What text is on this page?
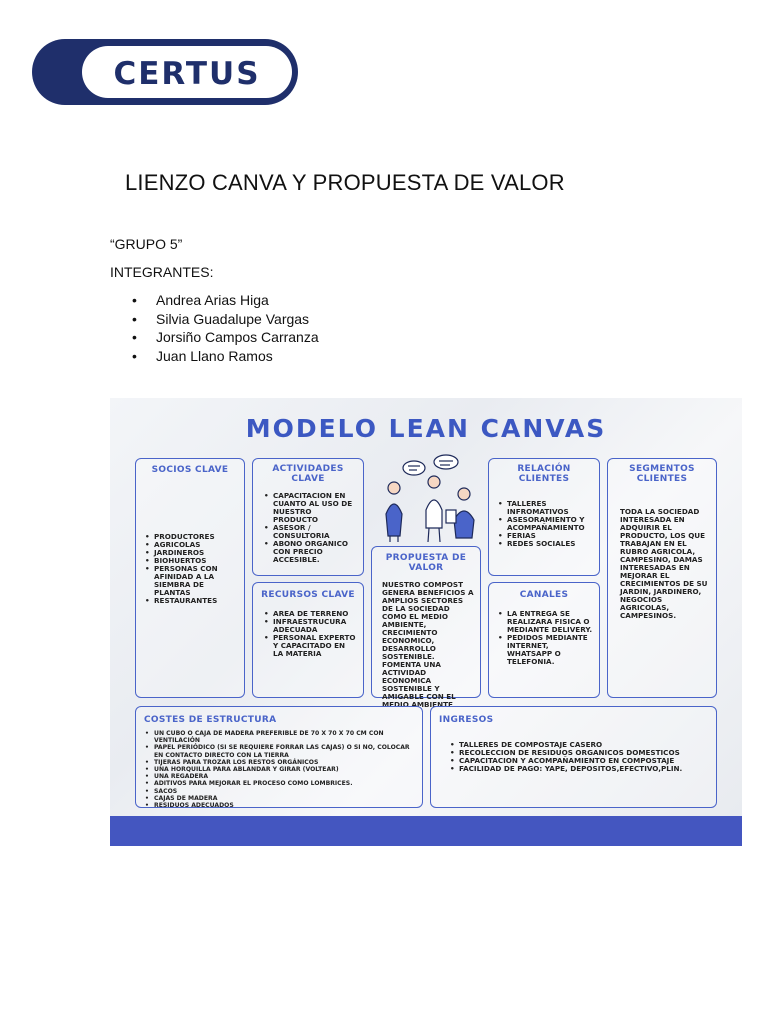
CERTUS
LIENZO CANVA Y PROPUESTA DE VALOR
“GRUPO 5”
INTEGRANTES:
• Andrea Arias Higa
• Silvia Guadalupe Vargas
• Jorsiño Campos Carranza
• Juan Llano Ramos
MODELO LEAN CANVAS
SOCIOS CLAVE
• PRODUCTORES
• AGRICOLAS
• JARDINEROS
• BIOHUERTOS
• PERSONAS CON AFINIDAD A LA SIEMBRA DE PLANTAS
• RESTAURANTES
ACTIVIDADES CLAVE
• CAPACITACION EN CUANTO AL USO DE NUESTRO PRODUCTO
• ASESOR / CONSULTORIA
• ABONO ORGANICO CON PRECIO ACCESIBLE.
RECURSOS CLAVE
• AREA DE TERRENO
• INFRAESTRUCURA ADECUADA
• PERSONAL EXPERTO Y CAPACITADO EN LA MATERIA
PROPUESTA DE VALOR
NUESTRO COMPOST GENERA BENEFICIOS A AMPLIOS SECTORES DE LA SOCIEDAD COMO EL MEDIO AMBIENTE, CRECIMIENTO ECONOMICO, DESARROLLO SOSTENIBLE. FOMENTA UNA ACTIVIDAD ECONOMICA SOSTENIBLE Y AMIGABLE CON EL MEDIO AMBIENTE
RELACIÓN CLIENTES
• TALLERES INFROMATIVOS
• ASESORAMIENTO Y ACOMPAÑAMIENTO
• FERIAS
• REDES SOCIALES
CANALES
• LA ENTREGA SE REALIZARA FISICA O MEDIANTE DELIVERY.
• PEDIDOS MEDIANTE INTERNET, WHATSAPP O TELEFONIA.
SEGMENTOS CLIENTES
TODA LA SOCIEDAD INTERESADA EN ADQUIRIR EL PRODUCTO, LOS QUE TRABAJAN EN EL RUBRO AGRICOLA, CAMPESINO, DAMAS INTERESADAS EN MEJORAR EL CRECIMIENTOS DE SU JARDIN, JARDINERO, NEGOCIOS AGRICOLAS, CAMPESINOS.
COSTES DE ESTRUCTURA
• UN CUBO O CAJA DE MADERA PREFERIBLE DE 70 X 70 X 70 CM CON VENTILACIÓN
• PAPEL PERIÓDICO (SI SE REQUIERE FORRAR LAS CAJAS) O SI NO, COLOCAR EN CONTACTO DIRECTO CON LA TIERRA
• TIJERAS PARA TROZAR LOS RESTOS ORGÁNICOS
• UNA HORQUILLA PARA ABLANDAR Y GIRAR (VOLTEAR)
• UNA REGADERA
• ADITIVOS PARA MEJORAR EL PROCESO COMO LOMBRICES.
• SACOS
• CAJAS DE MADERA
• RESIDUOS ADECUADOS
INGRESOS
• TALLERES DE COMPOSTAJE CASERO
• RECOLECCION DE RESIDUOS ORGANICOS DOMESTICOS
• CAPACITACION Y ACOMPAÑAMIENTO EN COMPOSTAJE
• FACILIDAD DE PAGO: YAPE, DEPOSITOS,EFECTIVO,PLIN.
